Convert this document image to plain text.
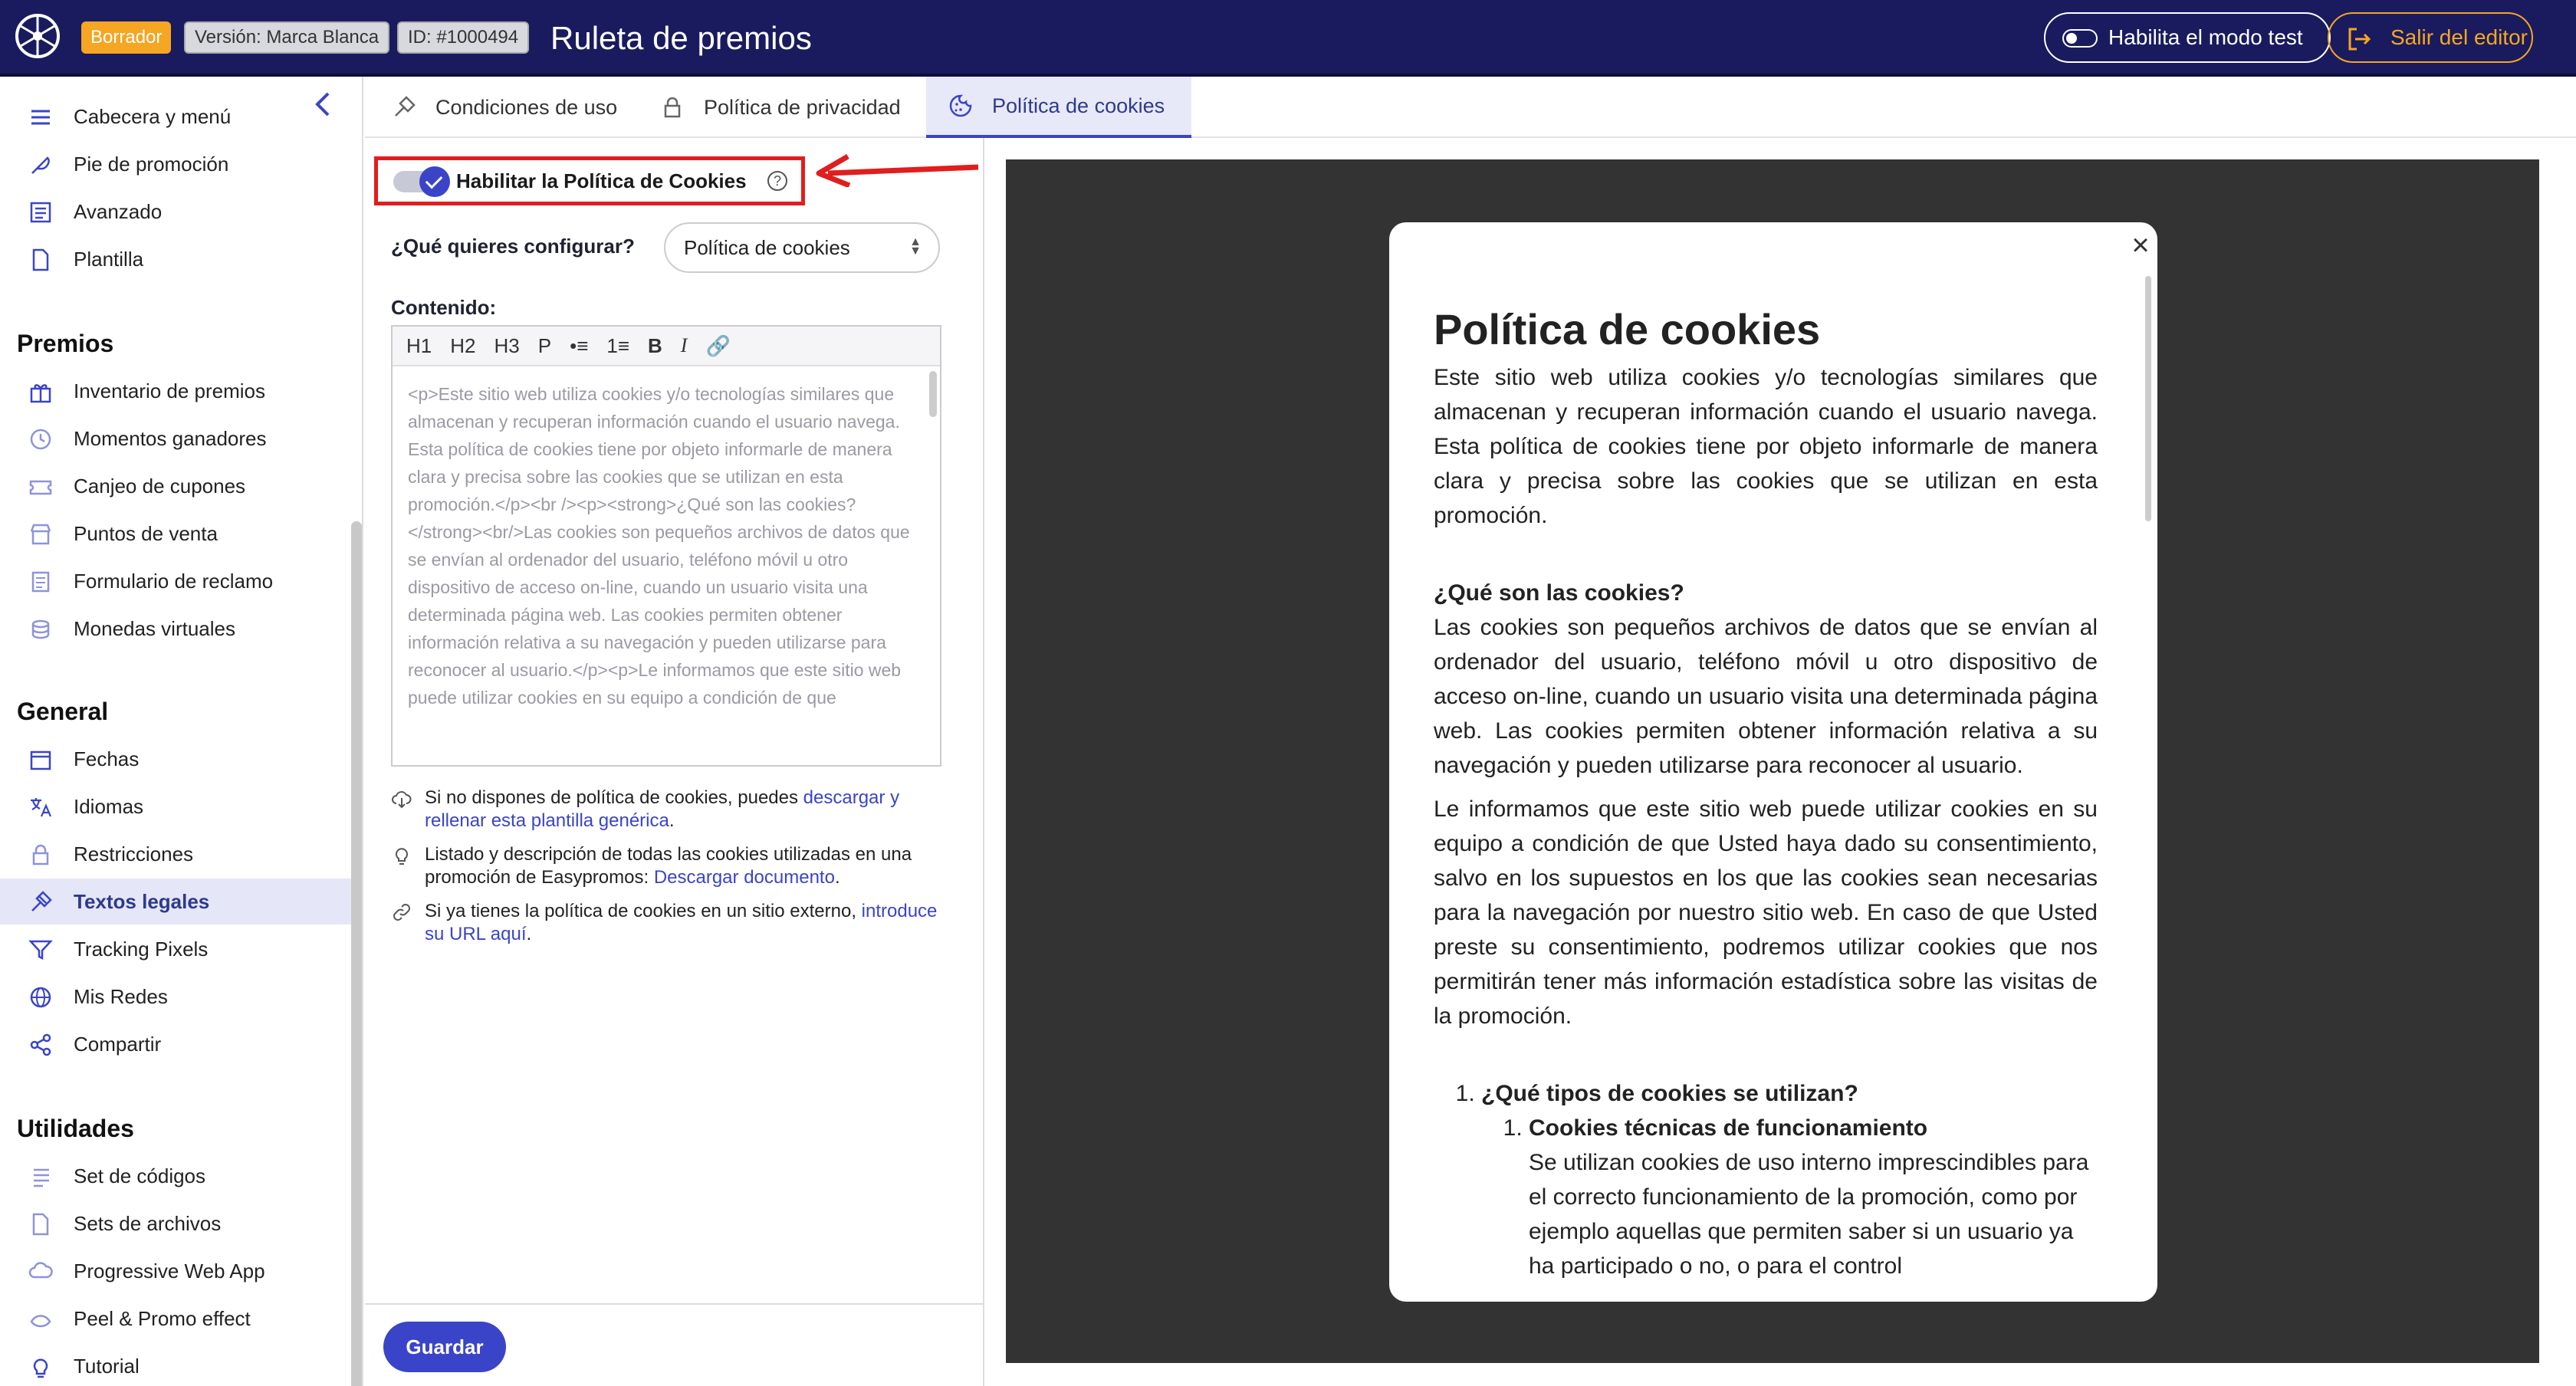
Borrador	Versión: Marca Blanca	ID: #1000494 Ruleta de premios	Habilita el modo test	Salir del editor
Cabecera y menú
Pie de promoción
Avanzado
Plantilla
Premios
Inventario de premios
Momentos ganadores
Canjeo de cupones
Puntos de venta
Formulario de reclamo
Monedas virtuales
General
Fechas
Idiomas
Restricciones
Textos legales
Tracking Pixels
Mis Redes
Compartir
Utilidades
Set de códigos
Sets de archivos
Progressive Web App
Peel & Promo effect
Tutorial
Condiciones de uso	Política de privacidad	Política de cookies
Habilitar la Política de Cookies	?
¿Qué quieres configurar?	Política de cookies	▲
▼
Contenido:
H1 H2 H3 P •≡ 1≡ B I 🔗
<p>Este sitio web utiliza cookies y/o tecnologías similares que almacenan y recuperan información cuando el usuario navega. Esta política de cookies tiene por objeto informarle de manera clara y precisa sobre las cookies que se utilizan en esta promoción.</p><br /><p><strong>¿Qué son las cookies?</strong><br/>Las cookies son pequeños archivos de datos que se envían al ordenador del usuario, teléfono móvil u otro dispositivo de acceso on-line, cuando un usuario visita una determinada página web. Las cookies permiten obtener información relativa a su navegación y pueden utilizarse para reconocer al usuario.</p><p>Le informamos que este sitio web puede utilizar cookies en su equipo a condición de que
Si no dispones de política de cookies, puedes descargar y rellenar esta plantilla genérica.
Listado y descripción de todas las cookies utilizadas en una promoción de Easypromos: Descargar documento.
Si ya tienes la política de cookies en un sitio externo, introduce su URL aquí.
Guardar
×
Política de cookies

Este sitio web utiliza cookies y/o tecnologías similares que almacenan y recuperan información cuando el usuario navega. Esta política de cookies tiene por objeto informarle de manera clara y precisa sobre las cookies que se utilizan en esta promoción.

¿Qué son las cookies?

Las cookies son pequeños archivos de datos que se envían al ordenador del usuario, teléfono móvil u otro dispositivo de acceso on-line, cuando un usuario visita una determinada página web. Las cookies permiten obtener información relativa a su navegación y pueden utilizarse para reconocer al usuario.

Le informamos que este sitio web puede utilizar cookies en su equipo a condición de que Usted haya dado su consentimiento, salvo en los supuestos en los que las cookies sean necesarias para la navegación por nuestro sitio web. En caso de que Usted preste su consentimiento, podremos utilizar cookies que nos permitirán tener más información estadística sobre las visitas de la promoción.

1. ¿Qué tipos de cookies se utilizan?
1. Cookies técnicas de funcionamiento
Se utilizan cookies de uso interno imprescindibles para el correcto funcionamiento de la promoción, como por ejemplo aquellas que permiten saber si un usuario ya ha participado o no, o para el control
